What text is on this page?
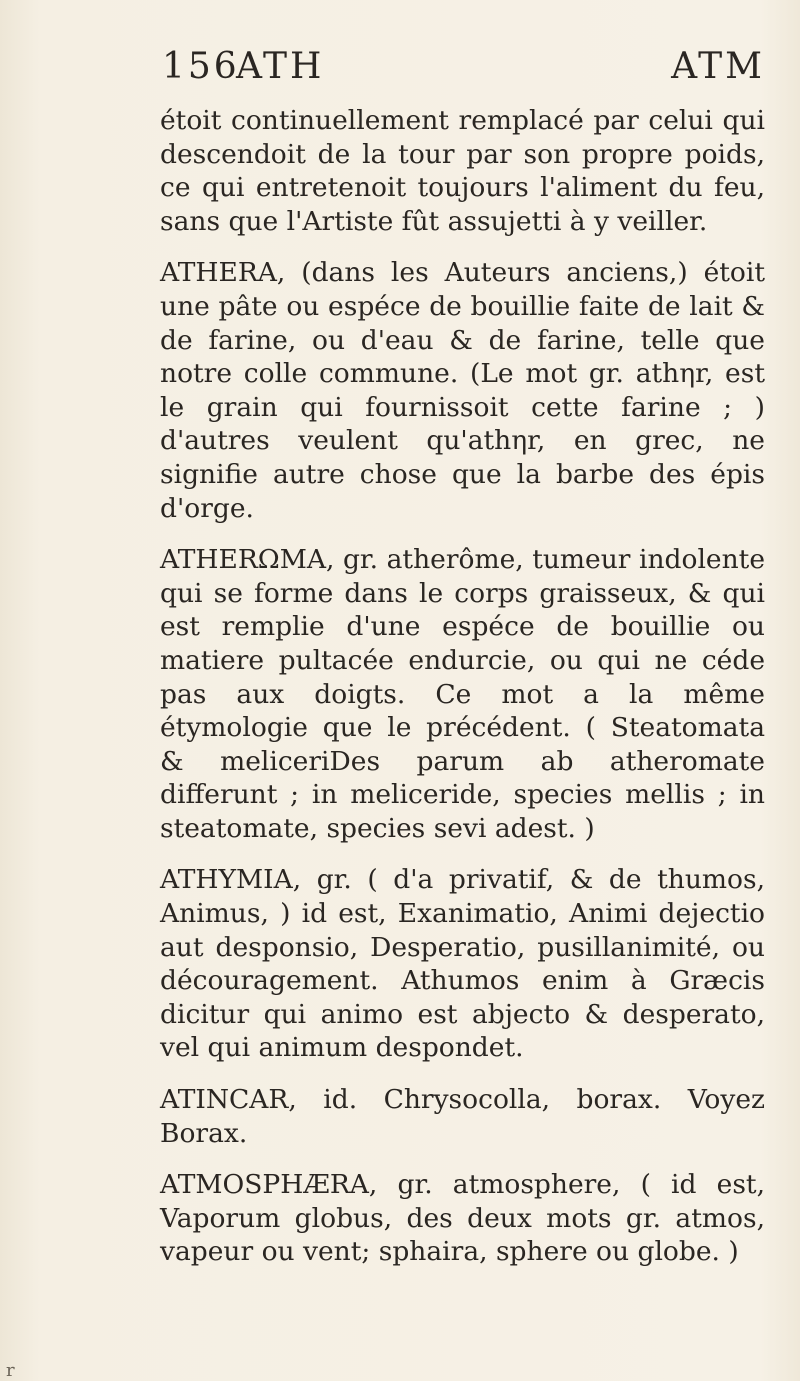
156
ATH	ATM

étoit continuellement remplacé par celui qui descendoit de la tour par son propre poids, ce qui entretenoit toujours l'aliment du feu, sans que l'Artiste fût assujetti à y veiller.

ATHERA, (dans les Auteurs anciens,) étoit une pâte ou espéce de bouillie faite de lait & de farine, ou d'eau & de farine, telle que notre colle commune. (Le mot gr. athηr, est le grain qui fournissoit cette farine ; ) d'autres veulent qu'athηr, en grec, ne signifie autre chose que la barbe des épis d'orge.

ATHERΩMA, gr. atherôme, tumeur indolente qui se forme dans le corps graisseux, & qui est remplie d'une espéce de bouillie ou matiere pultacée endurcie, ou qui ne céde pas aux doigts. Ce mot a la même étymologie que le précédent. ( Steatomata & meliceriDes parum ab atheromate differunt ; in meliceride, species mellis ; in steatomate, species sevi adest. )

ATHYMIA, gr. ( d'a privatif, & de thumos, Animus, ) id est, Exanimatio, Animi dejectio aut desponsio, Desperatio, pusillanimité, ou découragement. Athumos enim à Græcis dicitur qui animo est abjecto & desperato, vel qui animum despondet.

ATINCAR, id. Chrysocolla, borax. Voyez Borax.

ATMOSPHÆRA, gr. atmosphere, ( id est, Vaporum globus, des deux mots gr. atmos, vapeur ou vent; sphaira, sphere ou globe. )

r
